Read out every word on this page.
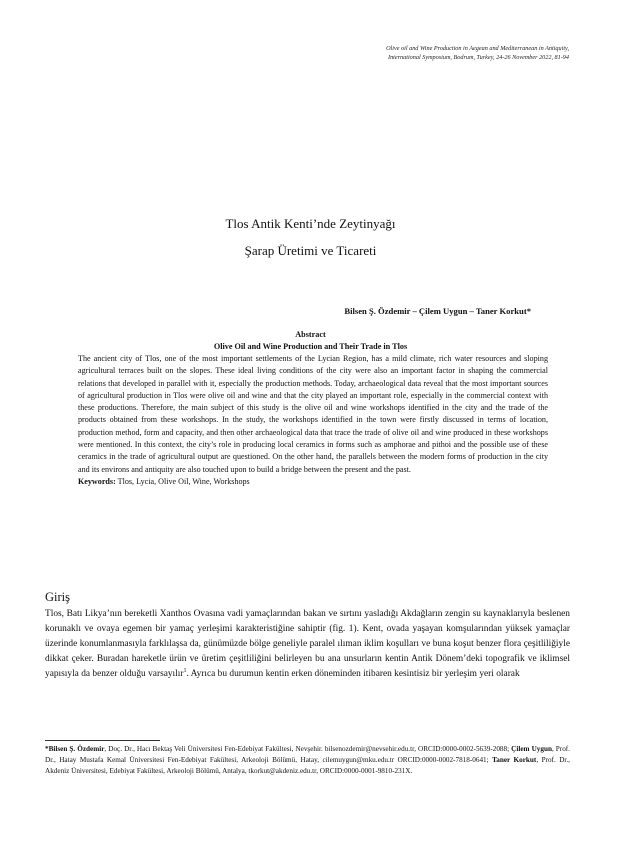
Olive oil and Wine Production in Aegean and Mediterranean in Antiquity,
International Symposium, Bodrum, Turkey, 24-26 November 2022, 81-94
Tlos Antik Kenti’nde Zeytinyağı
Şarap Üretimi ve Ticareti
Bilsen Ş. Özdemir – Çilem Uygun – Taner Korkut*
Abstract
Olive Oil and Wine Production and Their Trade in Tlos

The ancient city of Tlos, one of the most important settlements of the Lycian Region, has a mild climate, rich water resources and sloping agricultural terraces built on the slopes. These ideal living conditions of the city were also an important factor in shaping the commercial relations that developed in parallel with it, especially the production methods. Today, archaeological data reveal that the most important sources of agricultural production in Tlos were olive oil and wine and that the city played an important role, especially in the commercial context with these productions. Therefore, the main subject of this study is the olive oil and wine workshops identified in the city and the trade of the products obtained from these workshops. In the study, the workshops identified in the town were firstly discussed in terms of location, production method, form and capacity, and then other archaeological data that trace the trade of olive oil and wine produced in these workshops were mentioned. In this context, the city’s role in producing local ceramics in forms such as amphorae and pithoi and the possible use of these ceramics in the trade of agricultural output are questioned. On the other hand, the parallels between the modern forms of production in the city and its environs and antiquity are also touched upon to build a bridge between the present and the past.
Keywords: Tlos, Lycia, Olive Oil, Wine, Workshops

Giriş

Tlos, Batı Likya’nın bereketli Xanthos Ovasına vadi yamaçlarından bakan ve sırtını yasladığı Akdağların zengin su kaynaklarıyla beslenen korunaklı ve ovaya egemen bir yamaç yerleşimi karakteristiğine sahiptir (fig. 1). Kent, ovada yaşayan komşularından yüksek yamaçlar üzerinde konumlanmasıyla farklılaşsa da, günümüzde bölge geneliyle paralel ılıman iklim koşulları ve buna koşut benzer flora çeşitliliğiyle dikkat çeker. Buradan hareketle ürün ve üretim çeşitliliğini belirleyen bu ana unsurların kentin Antik Dönem’deki topografik ve iklimsel yapısıyla da benzer olduğu varsayılır$^1$. Ayrıca bu durumun kentin erken döneminden itibaren kesintisiz bir yerleşim yeri olarak

*Bilsen Ş. Özdemir, Doç. Dr., Hacı Bektaş Veli Üniversitesi Fen-Edebiyat Fakültesi, Nevşehir. bilsenozdemir@nevsehir.edu.tr, ORCID:0000-0002-5639-2088; Çilem Uygun, Prof. Dr., Hatay Mustafa Kemal Üniversitesi Fen-Edebiyat Fakültesi, Arkeoloji Bölümü, Hatay, cilemuygun@mku.edu.tr ORCID:0000-0002-7818-0641; Taner Korkut, Prof. Dr., Akdeniz Üniversitesi, Edebiyat Fakültesi, Arkeoloji Bölümü, Antalya, tkorkut@akdeniz.edu.tr, ORCID:0000-0001-9810-231X.
